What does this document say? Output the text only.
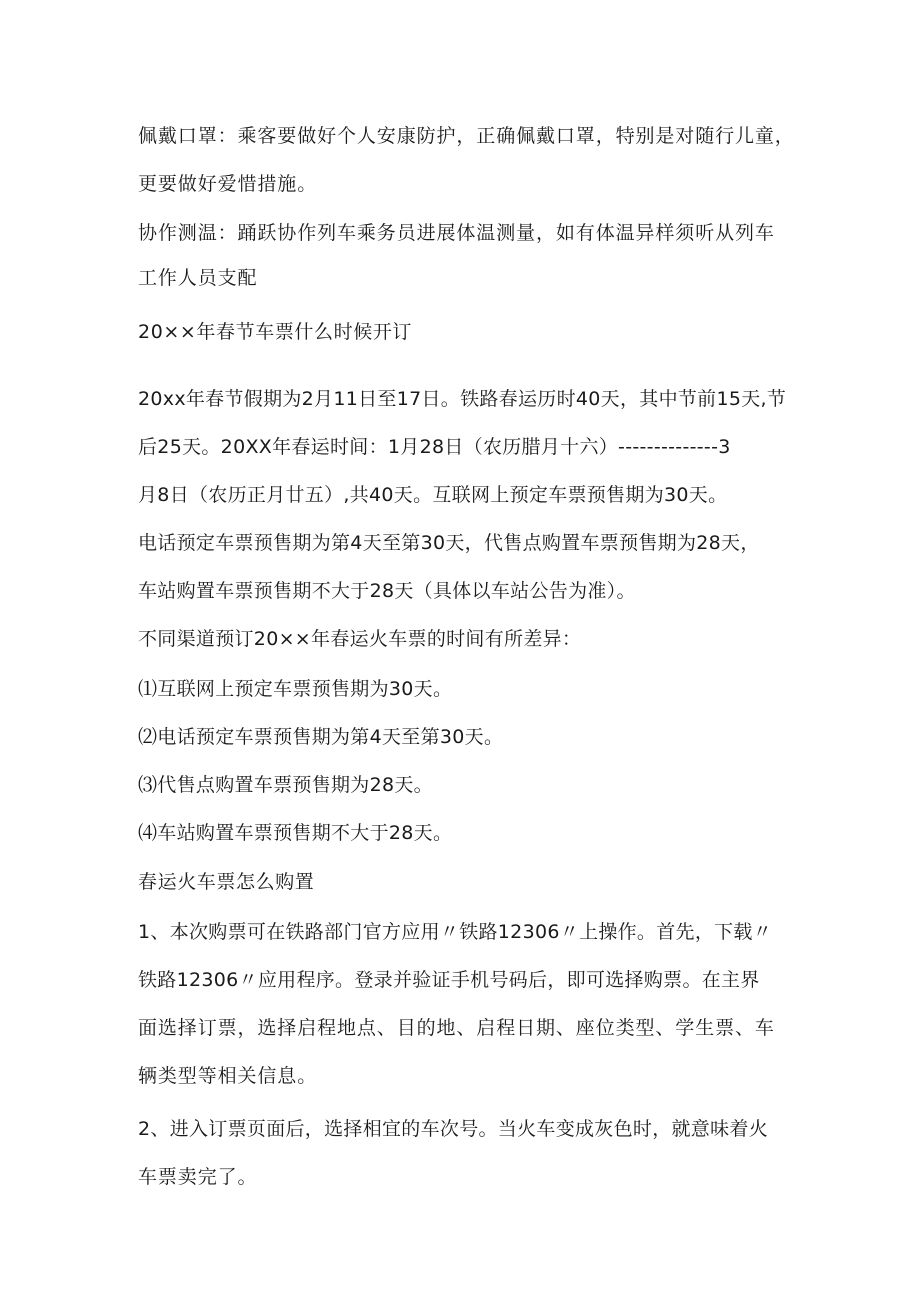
佩戴口罩：乘客要做好个人安康防护，正确佩戴口罩，特别是对随行儿童，
更要做好爱惜措施。
协作测温：踊跃协作列车乘务员进展体温测量，如有体温异样须听从列车
工作人员支配
20××年春节车票什么时候开订
20xx年春节假期为2月11日至17日。铁路春运历时40天，其中节前15天,节
后25天。20XX年春运时间：1月28日（农历腊月十六）--------------3
月8日（农历正月廿五）,共40天。互联网上预定车票预售期为30天。
电话预定车票预售期为第4天至第30天，代售点购置车票预售期为28天，
车站购置车票预售期不大于28天（具体以车站公告为准）。
不同渠道预订20××年春运火车票的时间有所差异：
⑴互联网上预定车票预售期为30天。
⑵电话预定车票预售期为第4天至第30天。
⑶代售点购置车票预售期为28天。
⑷车站购置车票预售期不大于28天。
春运火车票怎么购置
1、本次购票可在铁路部门官方应用〃铁路12306〃上操作。首先，下载〃
铁路12306〃应用程序。登录并验证手机号码后，即可选择购票。在主界
面选择订票，选择启程地点、目的地、启程日期、座位类型、学生票、车
辆类型等相关信息。
2、进入订票页面后，选择相宜的车次号。当火车变成灰色时，就意味着火
车票卖完了。
